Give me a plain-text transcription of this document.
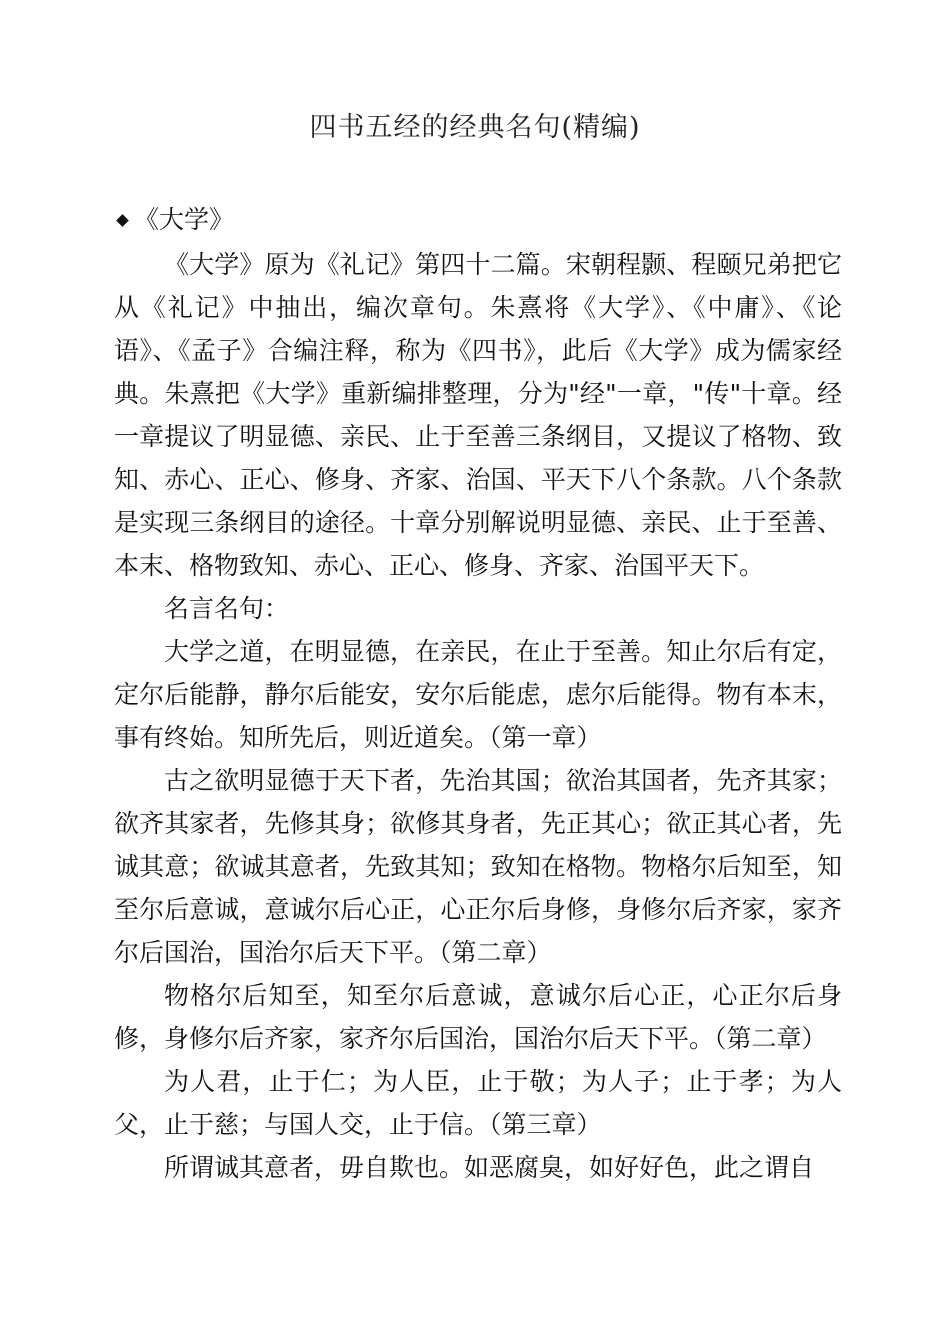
四书五经的经典名句(精编)
《大学》

《大学》原为《礼记》第四十二篇。宋朝程颢、程颐兄弟把它从《礼记》中抽出，编次章句。朱熹将《大学》、《中庸》、《论语》、《孟子》合编注释，称为《四书》，此后《大学》成为儒家经典。朱熹把《大学》重新编排整理，分为"经"一章，"传"十章。经一章提议了明显德、亲民、止于至善三条纲目，又提议了格物、致知、赤心、正心、修身、齐家、治国、平天下八个条款。八个条款是实现三条纲目的途径。十章分别解说明显德、亲民、止于至善、本末、格物致知、赤心、正心、修身、齐家、治国平天下。

名言名句：

大学之道，在明显德，在亲民，在止于至善。知止尔后有定，定尔后能静，静尔后能安，安尔后能虑，虑尔后能得。物有本末，事有终始。知所先后，则近道矣。（第一章）

古之欲明显德于天下者，先治其国；欲治其国者，先齐其家；欲齐其家者，先修其身；欲修其身者，先正其心；欲正其心者，先诚其意；欲诚其意者，先致其知；致知在格物。物格尔后知至，知至尔后意诚，意诚尔后心正，心正尔后身修，身修尔后齐家，家齐尔后国治，国治尔后天下平。（第二章）

物格尔后知至，知至尔后意诚，意诚尔后心正，心正尔后身修，身修尔后齐家，家齐尔后国治，国治尔后天下平。（第二章）

为人君，止于仁；为人臣，止于敬；为人子；止于孝；为人父，止于慈；与国人交，止于信。（第三章）

所谓诚其意者，毋自欺也。如恶腐臭，如好好色，此之谓自
